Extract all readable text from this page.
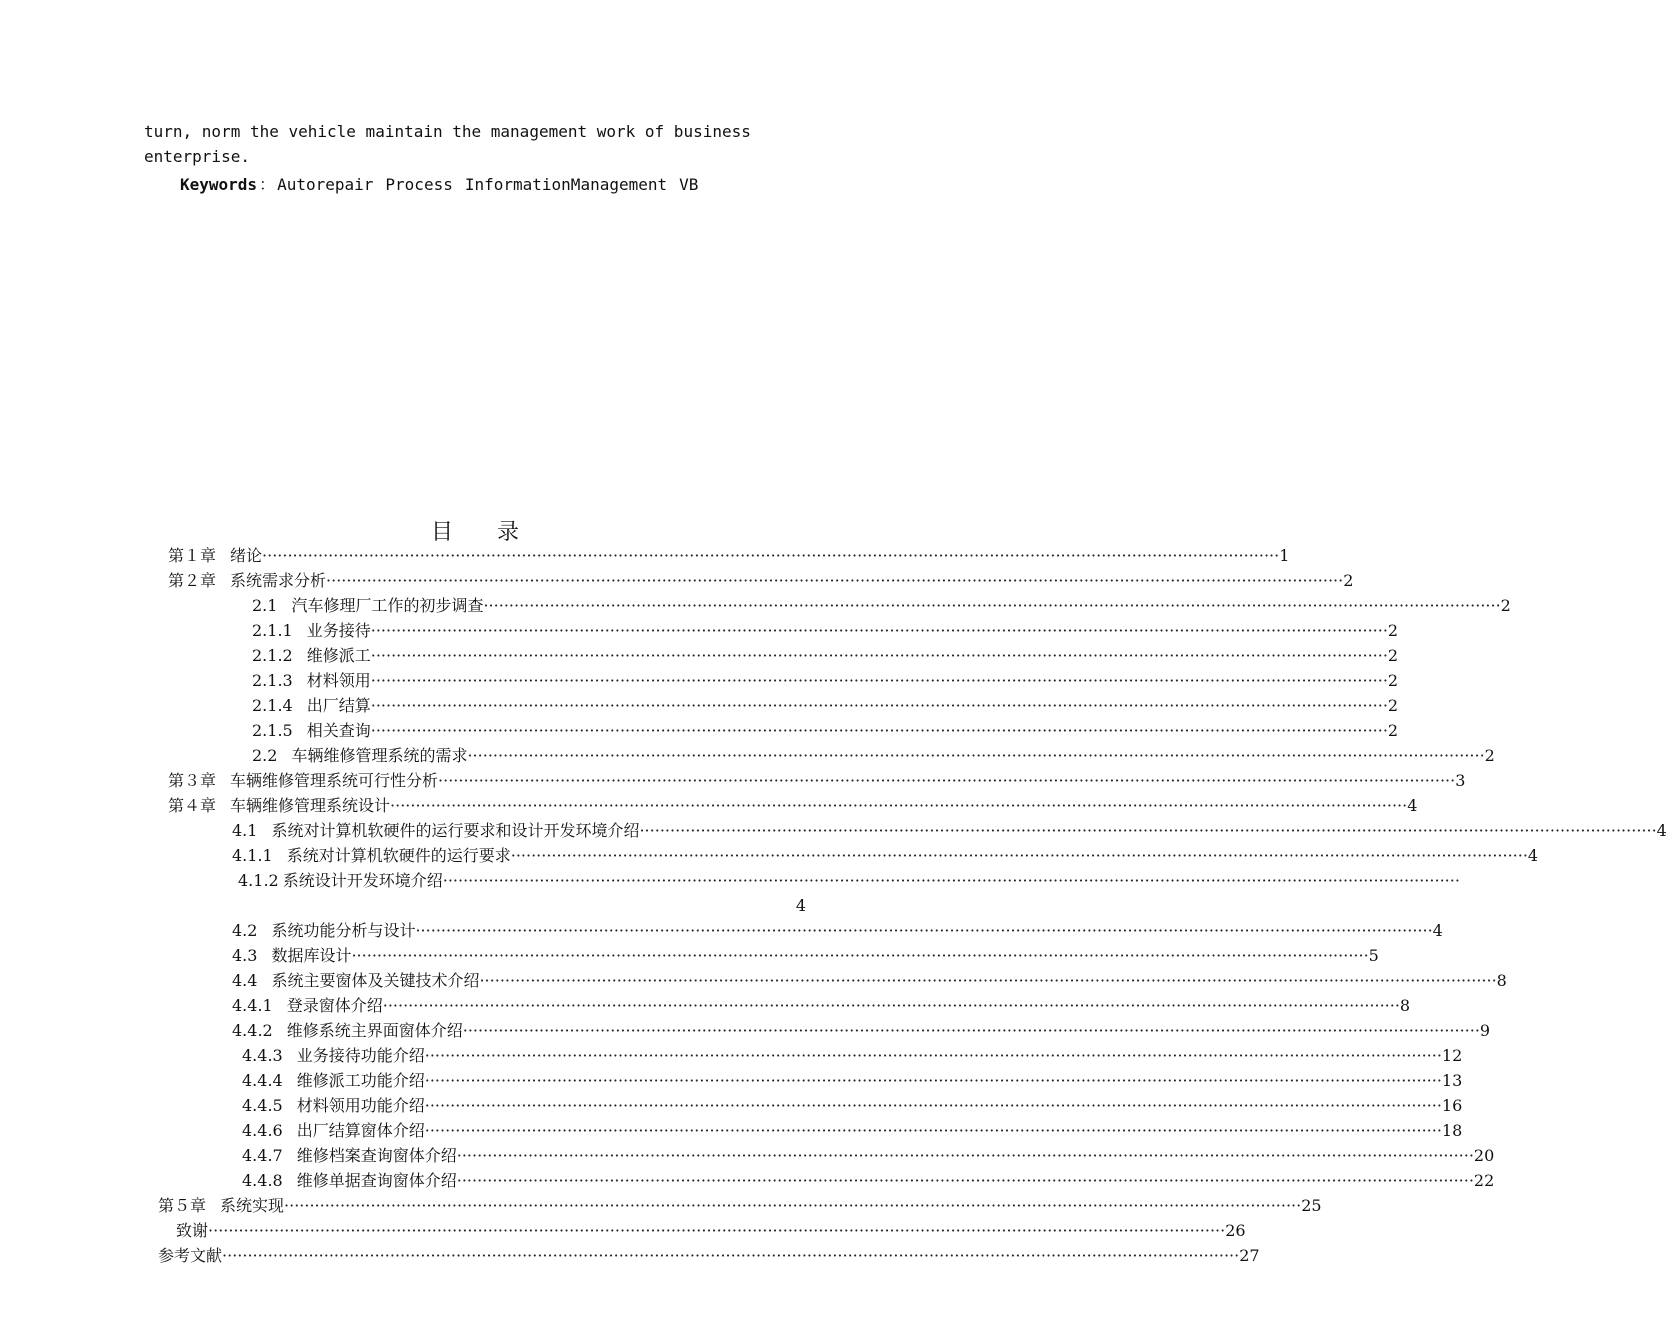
turn, norm the vehicle maintain the management work of business
enterprise.
Keywords ： Autorepair Process InformationManagement VB
目　　录
第１章 绪论 ········································································································································································································ 1
第２章 系统需求分析 ········································································································································································································ 2
2.1 汽车修理厂工作的初步调查 ········································································································································································································ 2
2.1.1 业务接待 ········································································································································································································ 2
2.1.2 维修派工 ········································································································································································································ 2
2.1.3 材料领用 ········································································································································································································ 2
2.1.4 出厂结算 ········································································································································································································ 2
2.1.5 相关查询 ········································································································································································································ 2
2.2 车辆维修管理系统的需求 ········································································································································································································ 2
第３章 车辆维修管理系统可行性分析 ········································································································································································································ 3
第４章 车辆维修管理系统设计 ········································································································································································································ 4
4.1 系统对计算机软硬件的运行要求和设计开发环境介绍 ········································································································································································································ 4
4.1.1 系统对计算机软硬件的运行要求 ········································································································································································································ 4
4.1.2 系统设计开发环境介绍 ········································································································································································································
4
4.2 系统功能分析与设计 ········································································································································································································ 4
4.3 数据库设计 ········································································································································································································ 5
4.4 系统主要窗体及关键技术介绍 ········································································································································································································ 8
4.4.1 登录窗体介绍 ········································································································································································································ 8
4.4.2 维修系统主界面窗体介绍 ········································································································································································································ 9
4.4.3 业务接待功能介绍 ········································································································································································································ 12
4.4.4 维修派工功能介绍 ········································································································································································································ 13
4.4.5 材料领用功能介绍 ········································································································································································································ 16
4.4.6 出厂结算窗体介绍 ········································································································································································································ 18
4.4.7 维修档案查询窗体介绍 ········································································································································································································ 20
4.4.8 维修单据查询窗体介绍 ········································································································································································································ 22
第５章 系统实现 ········································································································································································································ 25
致谢 ········································································································································································································ 26
参考文献 ········································································································································································································ 27
